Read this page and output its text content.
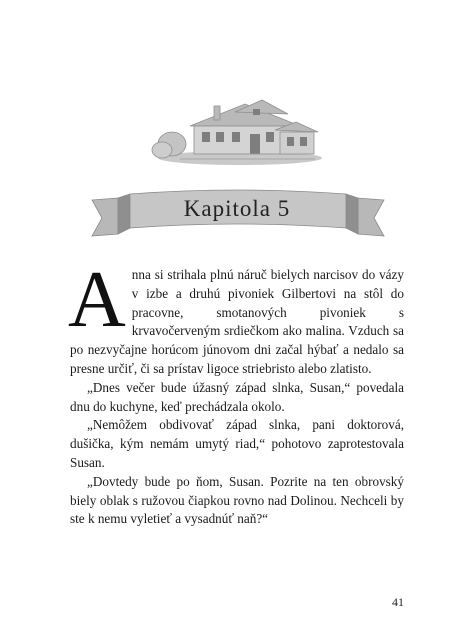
Kapitola 5

Anna si strihala plnú náruč bielych narcisov do vázy v izbe a druhú pivoniek Gilbertovi na stôl do pracovne, smotanových pivoniek s krvavočerveným srdiečkom ako malina. Vzduch sa po nezvyčajne horúcom júnovom dni začal hýbať a nedalo sa presne určiť, či sa prístav ligoce striebristo alebo zlatisto.

„Dnes večer bude úžasný západ slnka, Susan,“ povedala dnu do kuchyne, keď prechádzala okolo.

„Nemôžem obdivovať západ slnka, pani doktorová, dušička, kým nemám umytý riad,“ pohotovo zaprotestovala Susan.

„Dovtedy bude po ňom, Susan. Pozrite na ten obrovský biely oblak s ružovou čiapkou rovno nad Dolinou. Nechceli by ste k nemu vyletieť a vysadnúť naň?“

41
